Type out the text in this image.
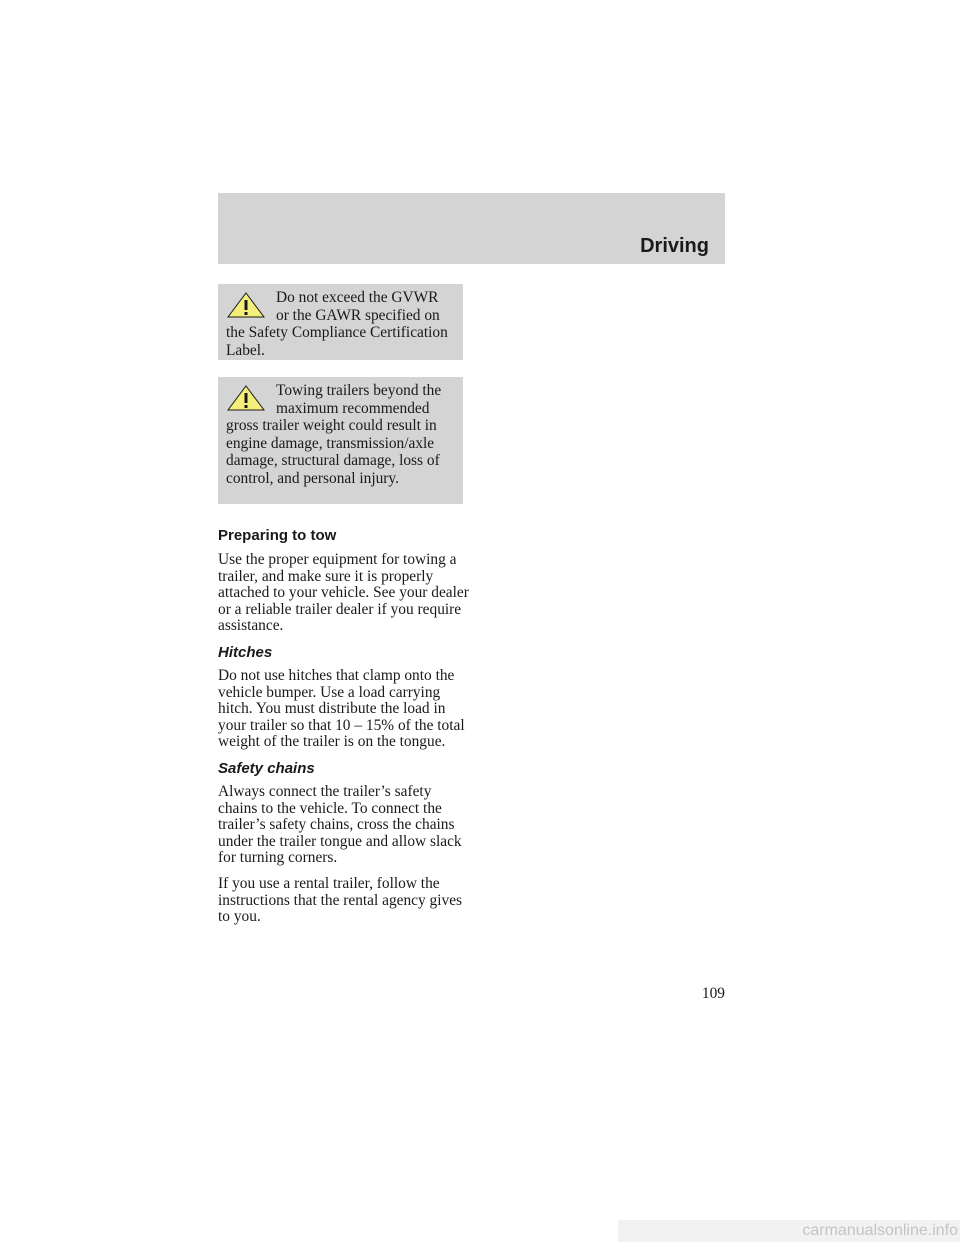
Driving
Do not exceed the GVWR or the GAWR specified on the Safety Compliance Certification Label.
Towing trailers beyond the maximum recommended gross trailer weight could result in engine damage, transmission/axle damage, structural damage, loss of control, and personal injury.
Preparing to tow

Use the proper equipment for towing a trailer, and make sure it is properly attached to your vehicle. See your dealer or a reliable trailer dealer if you require assistance.

Hitches

Do not use hitches that clamp onto the vehicle bumper. Use a load carrying hitch. You must distribute the load in your trailer so that 10 – 15% of the total weight of the trailer is on the tongue.

Safety chains

Always connect the trailer’s safety chains to the vehicle. To connect the trailer’s safety chains, cross the chains under the trailer tongue and allow slack for turning corners.

If you use a rental trailer, follow the instructions that the rental agency gives to you.

109
carmanualsonline.info
